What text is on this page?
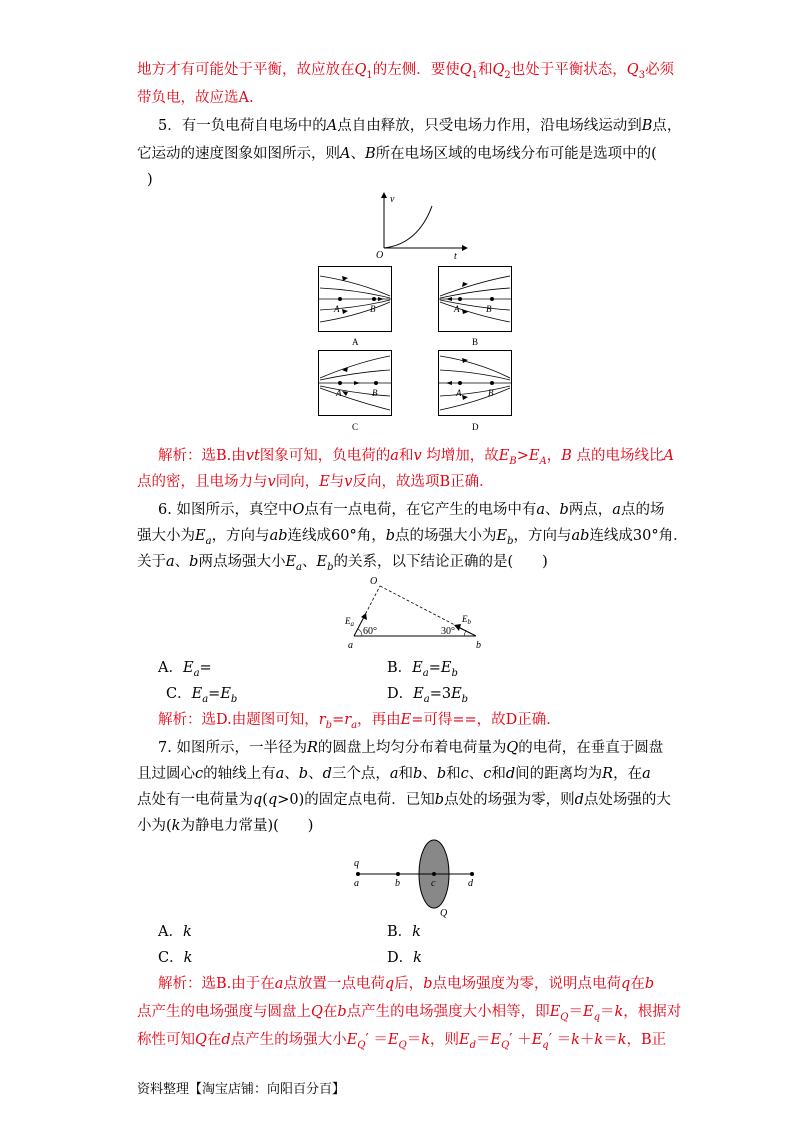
地方才有可能处于平衡，故应放在$Q_1$的左侧．要使$Q_1$和$Q_2$也处于平衡状态，$Q_3$必须
带负电，故应选A.
5．有一负电荷自电场中的A点自由释放，只受电场力作用，沿电场线运动到B点，
它运动的速度图象如图所示，则A、B所在电场区域的电场线分布可能是选项中的(
)
v
O	t
A	B
A
A	B
B
A	B
C
A	B
D
解析：选B.由vt图象可知，负电荷的a和v 均增加，故$E_B>E_A$，B 点的电场线比A
点的密，且电场力与v同向，E与v反向，故选项B正确．
6. 如图所示，真空中O点有一点电荷，在它产生的电场中有a、b两点，a点的场
强大小为$E_a$，方向与ab连线成60°角，b点的场强大小为$E_b$，方向与ab连线成30°角．
关于a、b两点场强大小$E_a$、$E_b$的关系，以下结论正确的是(　　)
O
a	b
$E_a$	$E_b$
60°	30°
A．$E_a=$	B．$E_a=E_b$
C．$E_a=E_b$	D．$E_a=3E_b$
解析：选D.由题图可知，$r_b=r_a$，再由E=可得==，故D正确．
7. 如图所示，一半径为R的圆盘上均匀分布着电荷量为Q的电荷，在垂直于圆盘
且过圆心c的轴线上有a、b、d三个点，a和b、b和c、c和d间的距离均为R，在a
点处有一电荷量为q(q>0)的固定点电荷．已知b点处的场强为零，则d点处场强的大
小为(k为静电力常量)(　　)
q
a	b	c	d
Q
A．k	B．k
C．k	D．k
解析：选B.由于在a点放置一点电荷q后，b点电场强度为零，说明点电荷q在b
点产生的电场强度与圆盘上Q在b点产生的电场强度大小相等，即$E_Q=E_q=k$，根据对
称性可知Q在d点产生的场强大小$E_Q' =E_Q=k$，则$E_d=E_Q' +E_q' =k+k=k$，B正
资料整理【淘宝店铺：向阳百分百】
